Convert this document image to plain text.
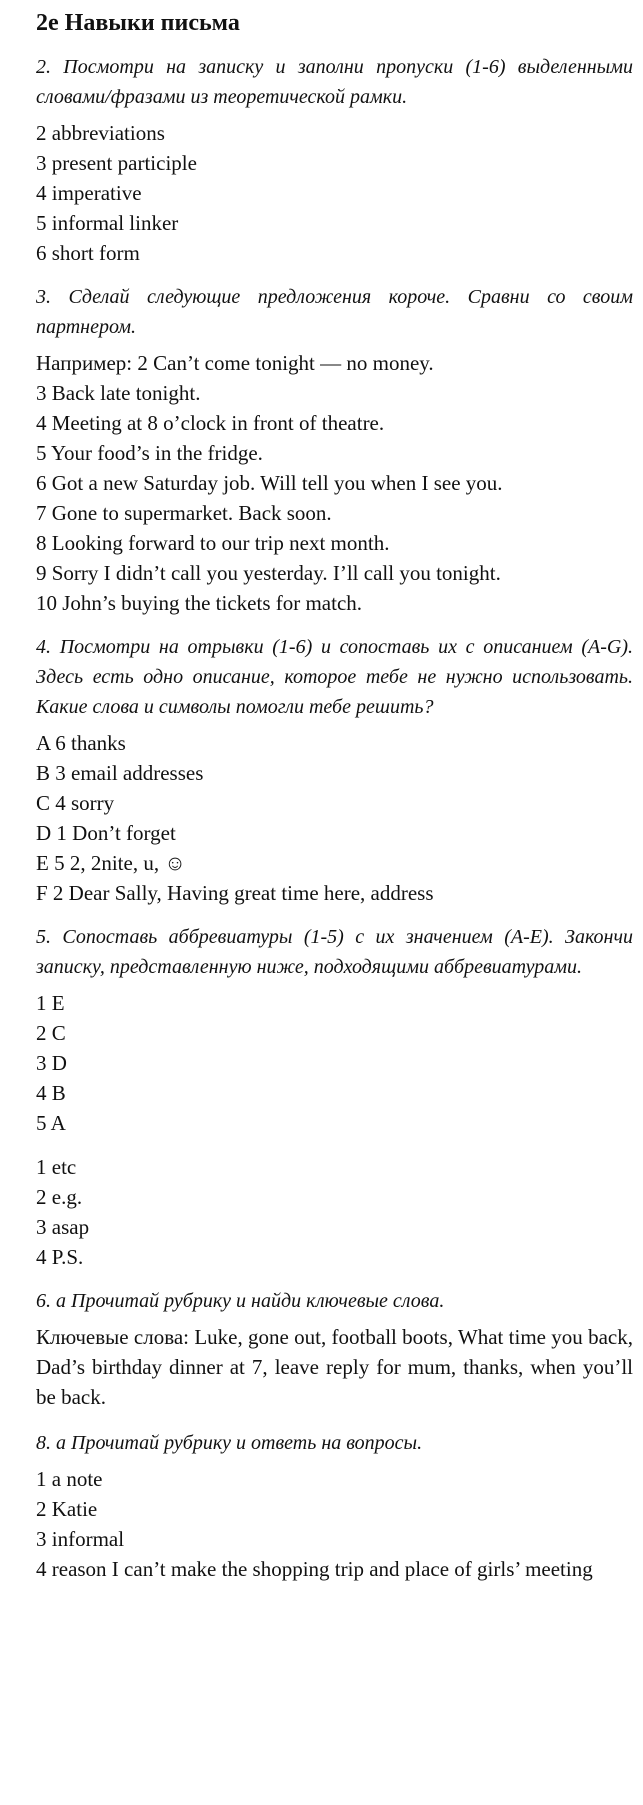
2e Навыки письма

2. Посмотри на записку и заполни пропуски (1-6) выделенными словами/фразами из теоретической рамки.

2 abbreviations
3 present participle
4 imperative
5 informal linker
6 short form

3. Сделай следующие предложения короче. Сравни со своим партнером.

Например: 2 Can’t come tonight — no money.
3 Back late tonight.
4 Meeting at 8 o’clock in front of theatre.
5 Your food’s in the fridge.
6 Got a new Saturday job. Will tell you when I see you.
7 Gone to supermarket. Back soon.
8 Looking forward to our trip next month.
9 Sorry I didn’t call you yesterday. I’ll call you tonight.
10 John’s buying the tickets for match.

4. Посмотри на отрывки (1-6) и сопоставь их с описанием (A-G). Здесь есть одно описание, которое тебе не нужно использовать. Какие слова и символы помогли тебе решить?

A 6 thanks
B 3 email addresses
C 4 sorry
D 1 Don’t forget
E 5 2, 2nite, u, ☺
F 2 Dear Sally, Having great time here, address

5. Сопоставь аббревиатуры (1-5) с их значением (A-E). Закончи записку, представленную ниже, подходящими аббревиатурами.

1 E
2 C
3 D
4 B
5 A
1 etc
2 e.g.
3 asap
4 P.S.

6. a Прочитай рубрику и найди ключевые слова.

Ключевые слова: Luke, gone out, football boots, What time you back, Dad’s birthday dinner at 7, leave reply for mum, thanks, when you’ll be back.

8. a Прочитай рубрику и ответь на вопросы.

1 a note
2 Katie
3 informal

4 reason I can’t make the shopping trip and place of girls’ meeting
